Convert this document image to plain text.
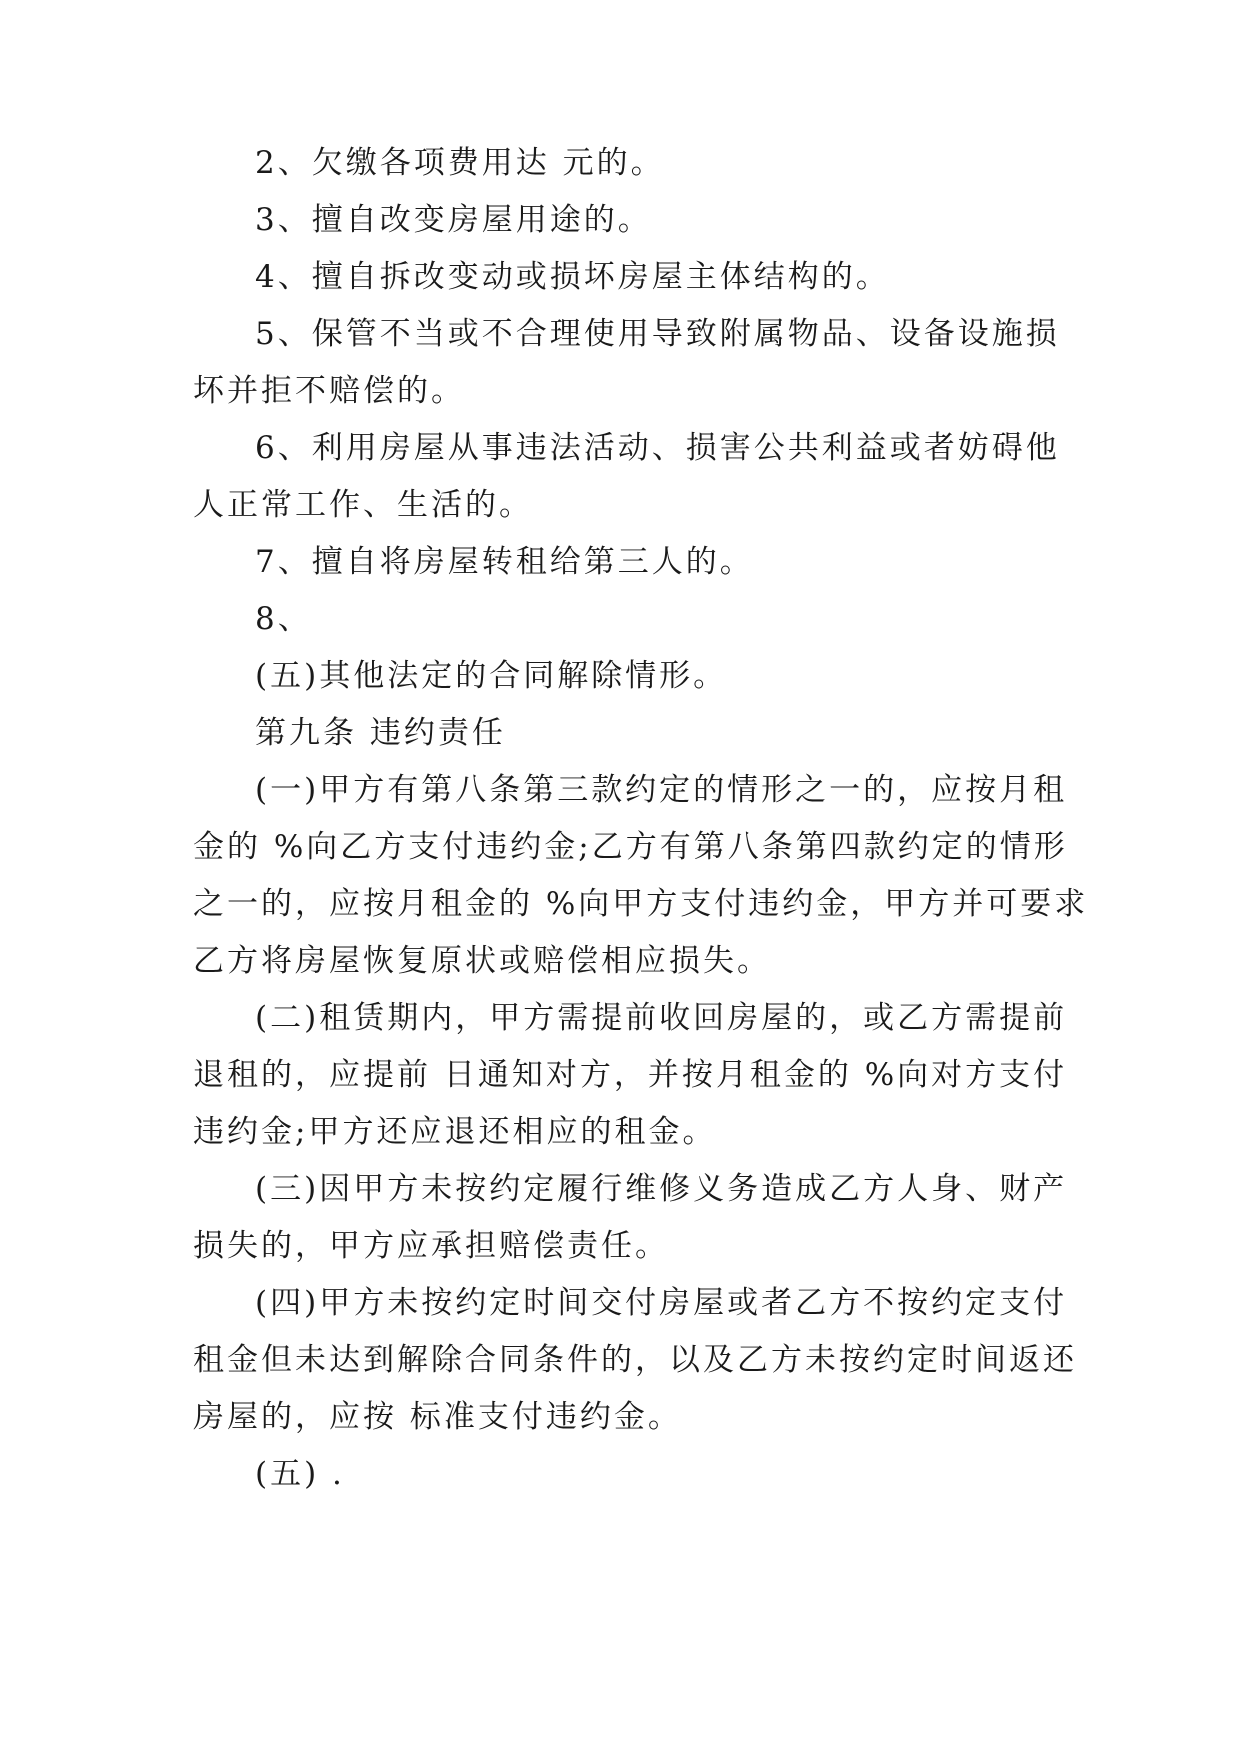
2、欠缴各项费用达 元的。
3、擅自改变房屋用途的。
4、擅自拆改变动或损坏房屋主体结构的。
5、保管不当或不合理使用导致附属物品、设备设施损
坏并拒不赔偿的。
6、利用房屋从事违法活动、损害公共利益或者妨碍他
人正常工作、生活的。
7、擅自将房屋转租给第三人的。
8、
(五)其他法定的合同解除情形。
第九条 违约责任
(一)甲方有第八条第三款约定的情形之一的，应按月租
金的 %向乙方支付违约金;乙方有第八条第四款约定的情形
之一的，应按月租金的 %向甲方支付违约金，甲方并可要求
乙方将房屋恢复原状或赔偿相应损失。
(二)租赁期内，甲方需提前收回房屋的，或乙方需提前
退租的，应提前 日通知对方，并按月租金的 %向对方支付
违约金;甲方还应退还相应的租金。
(三)因甲方未按约定履行维修义务造成乙方人身、财产
损失的，甲方应承担赔偿责任。
(四)甲方未按约定时间交付房屋或者乙方不按约定支付
租金但未达到解除合同条件的，以及乙方未按约定时间返还
房屋的，应按 标准支付违约金。
(五) .
